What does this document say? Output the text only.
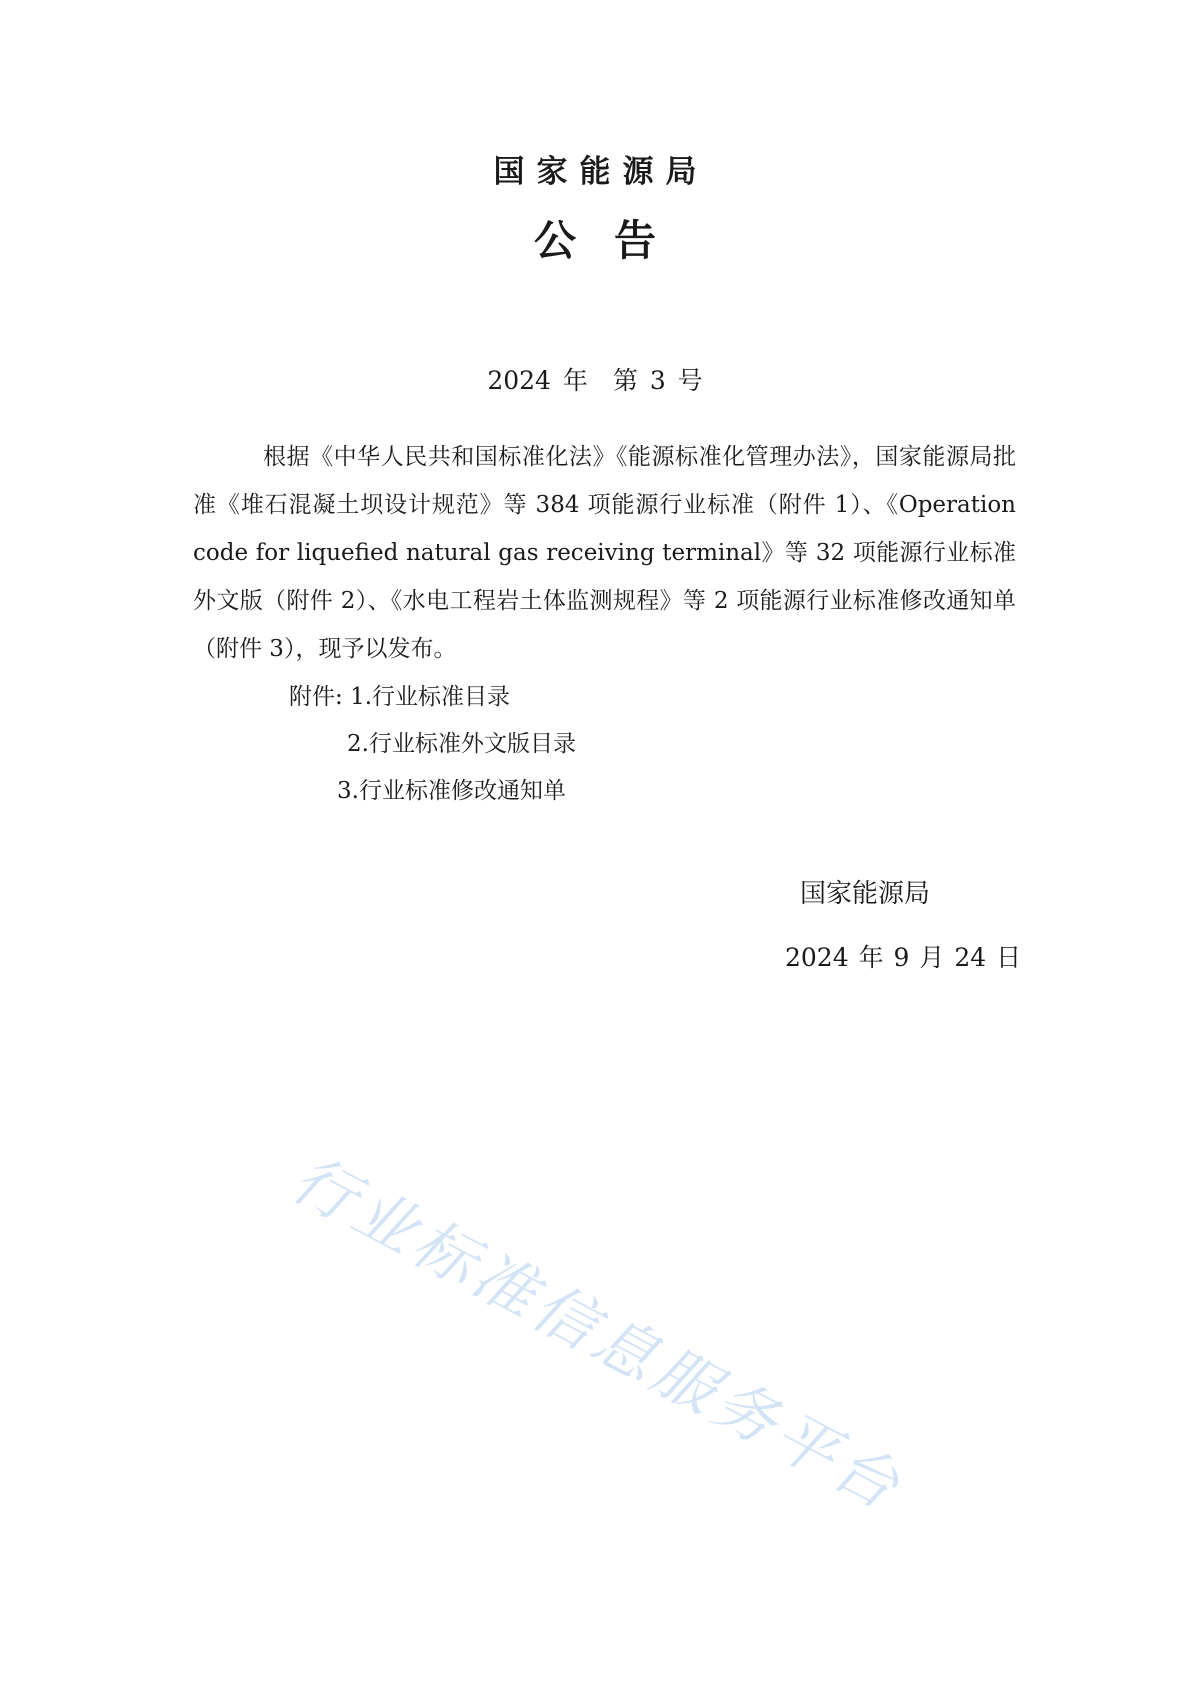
国家能源局
公告
2024 年　第 3 号

根据《中华人民共和国标准化法》《能源标准化管理办法》，国家能源局批准《堆石混凝土坝设计规范》等 384 项能源行业标准（附件 1）、《Operation code for liquefied natural gas receiving terminal》等 32 项能源行业标准外文版（附件 2）、《水电工程岩土体监测规程》等 2 项能源行业标准修改通知单（附件 3），现予以发布。

附件: 1.行业标准目录
2.行业标准外文版目录
3.行业标准修改通知单
国家能源局
2024 年 9 月 24 日
行业标准信息服务平台
